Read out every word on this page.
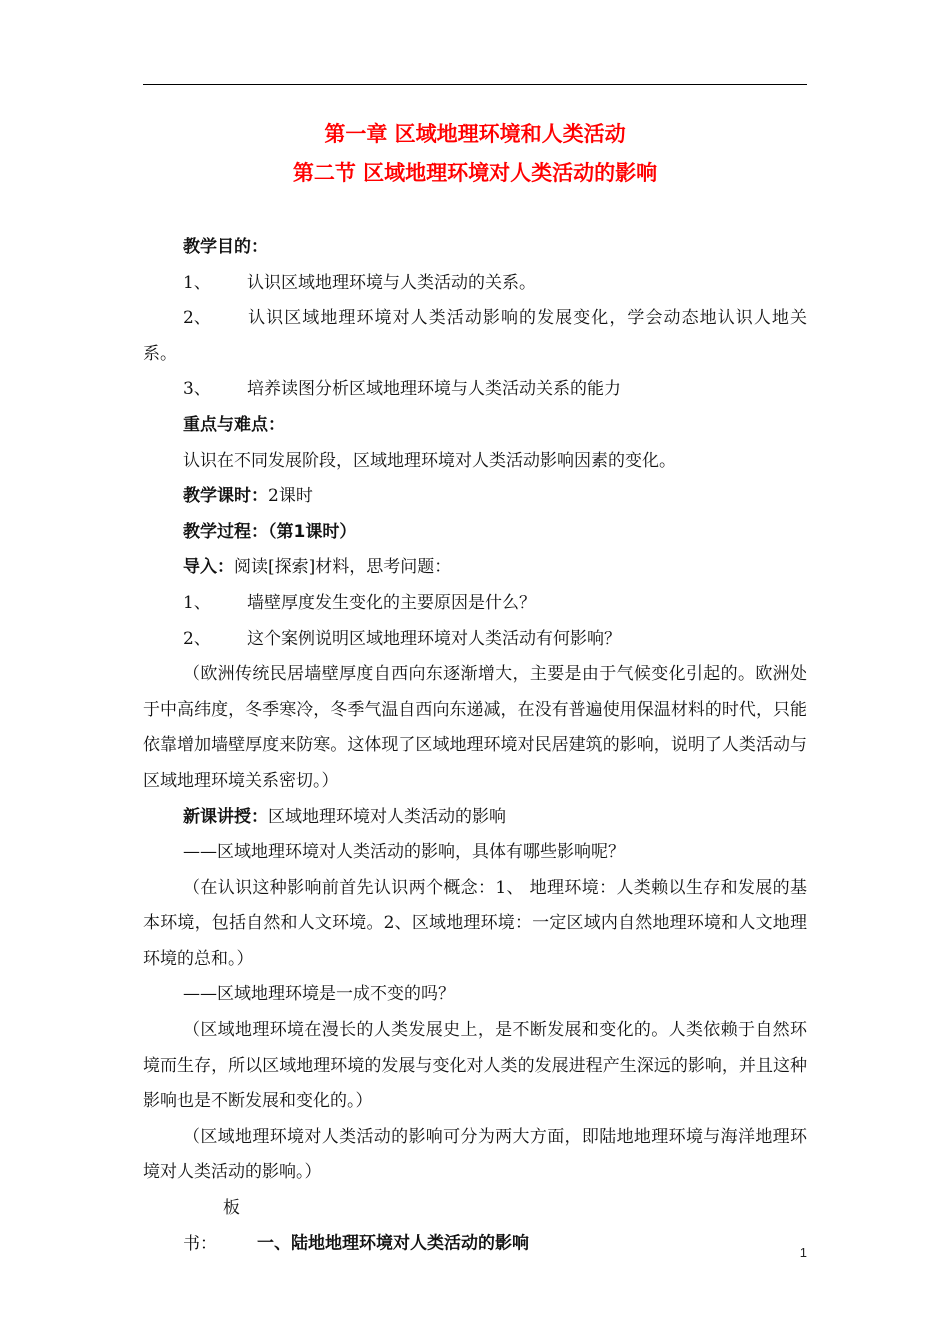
第一章 区域地理环境和人类活动
第二节 区域地理环境对人类活动的影响

教学目的：

1、 认识区域地理环境与人类活动的关系。

2、 认识区域地理环境对人类活动影响的发展变化，学会动态地认识人地关系。

3、 培养读图分析区域地理环境与人类活动关系的能力

重点与难点：

认识在不同发展阶段，区域地理环境对人类活动影响因素的变化。

教学课时：2课时

教学过程：（第1课时）

导入：阅读[探索]材料，思考问题：

1、 墙壁厚度发生变化的主要原因是什么？

2、 这个案例说明区域地理环境对人类活动有何影响？

（欧洲传统民居墙壁厚度自西向东逐渐增大，主要是由于气候变化引起的。欧洲处于中高纬度，冬季寒冷，冬季气温自西向东递减，在没有普遍使用保温材料的时代，只能依靠增加墙壁厚度来防寒。这体现了区域地理环境对民居建筑的影响，说明了人类活动与区域地理环境关系密切。）

新课讲授：区域地理环境对人类活动的影响

——区域地理环境对人类活动的影响，具体有哪些影响呢？

（在认识这种影响前首先认识两个概念：1、 地理环境：人类赖以生存和发展的基本环境，包括自然和人文环境。2、区域地理环境：一定区域内自然地理环境和人文地理环境的总和。）

——区域地理环境是一成不变的吗？

（区域地理环境在漫长的人类发展史上，是不断发展和变化的。人类依赖于自然环境而生存，所以区域地理环境的发展与变化对人类的发展进程产生深远的影响，并且这种影响也是不断发展和变化的。）

（区域地理环境对人类活动的影响可分为两大方面，即陆地地理环境与海洋地理环境对人类活动的影响。）

板书： 一、陆地地理环境对人类活动的影响	1
